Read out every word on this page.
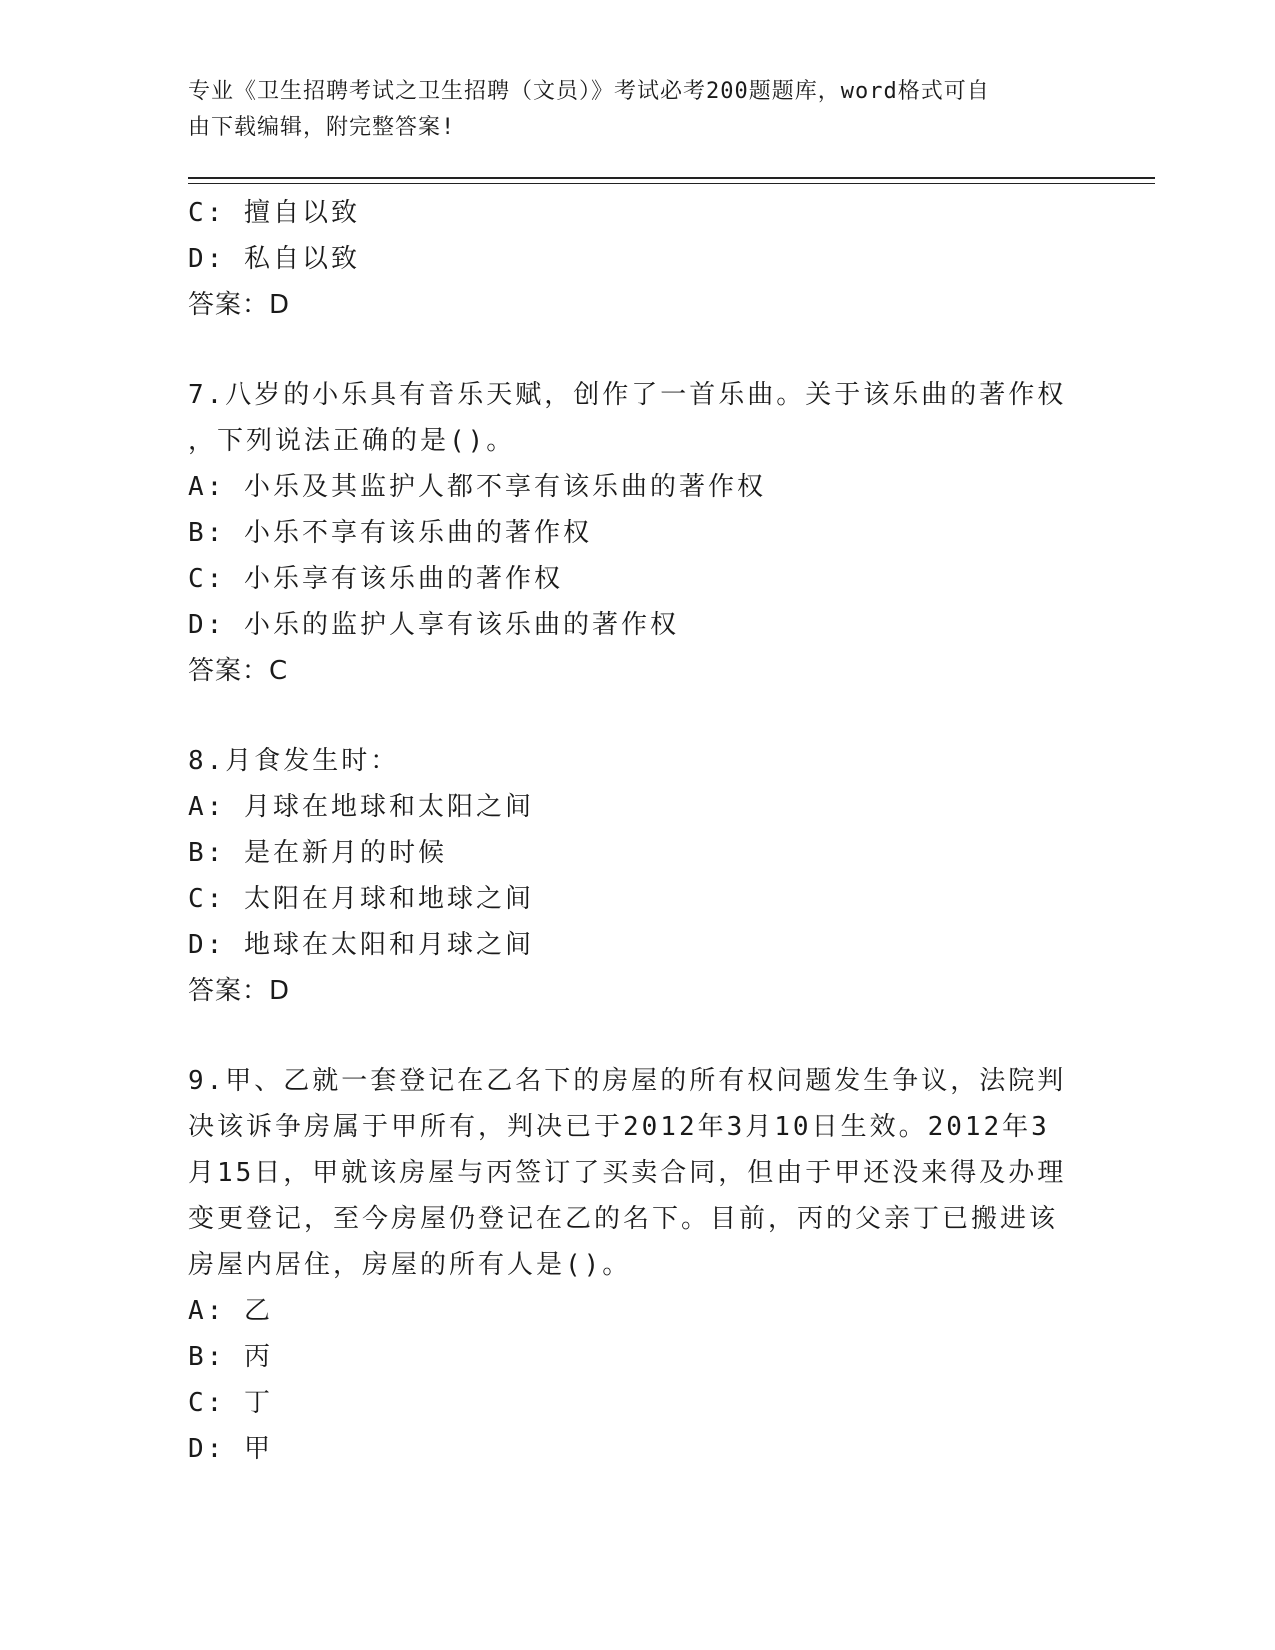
专业《卫生招聘考试之卫生招聘（文员）》考试必考200题题库，word格式可自
由下载编辑，附完整答案!

C: 擅自以致

D: 私自以致

答案：D

7.八岁的小乐具有音乐天赋，创作了一首乐曲。关于该乐曲的著作权

，下列说法正确的是()。

A: 小乐及其监护人都不享有该乐曲的著作权

B: 小乐不享有该乐曲的著作权

C: 小乐享有该乐曲的著作权

D: 小乐的监护人享有该乐曲的著作权

答案：C

8.月食发生时：

A: 月球在地球和太阳之间

B: 是在新月的时候

C: 太阳在月球和地球之间

D: 地球在太阳和月球之间

答案：D

9.甲、乙就一套登记在乙名下的房屋的所有权问题发生争议，法院判

决该诉争房属于甲所有，判决已于2012年3月10日生效。2012年3

月15日，甲就该房屋与丙签订了买卖合同，但由于甲还没来得及办理

变更登记，至今房屋仍登记在乙的名下。目前，丙的父亲丁已搬进该

房屋内居住，房屋的所有人是()。

A: 乙

B: 丙

C: 丁

D: 甲
